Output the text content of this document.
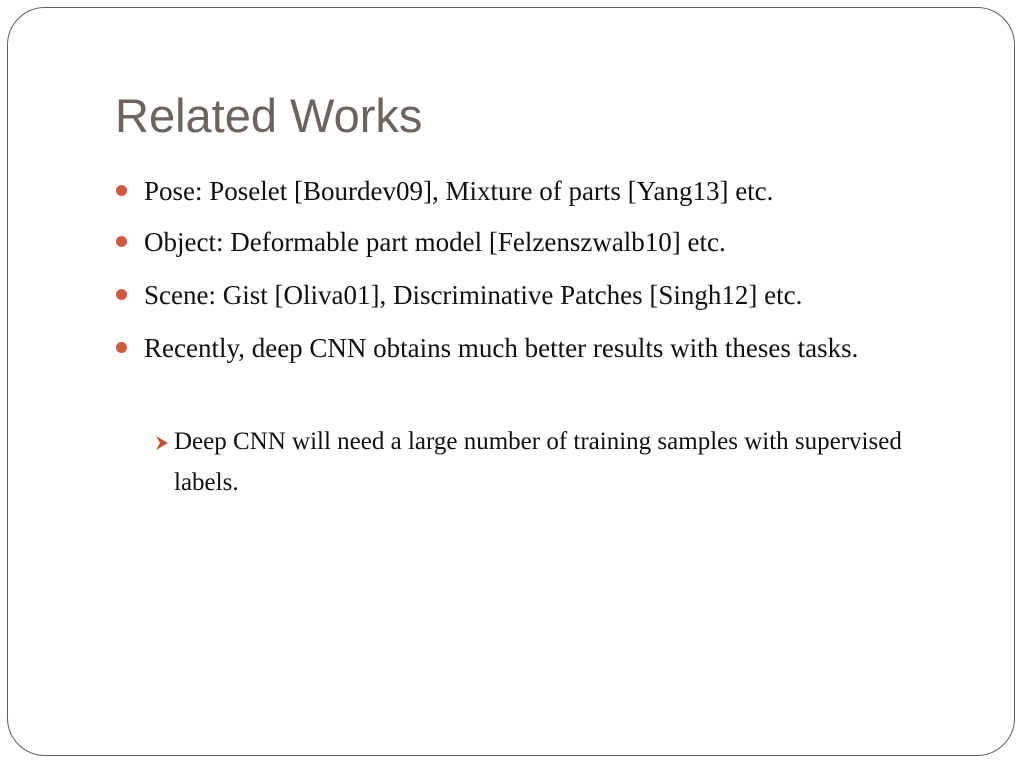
Related Works
Pose: Poselet [Bourdev09], Mixture of parts [Yang13] etc.
Object: Deformable part model [Felzenszwalb10] etc.
Scene: Gist [Oliva01], Discriminative Patches [Singh12] etc.
Recently, deep CNN obtains much better results with theses tasks.
Deep CNN will need a large number of training samples with supervised labels.
